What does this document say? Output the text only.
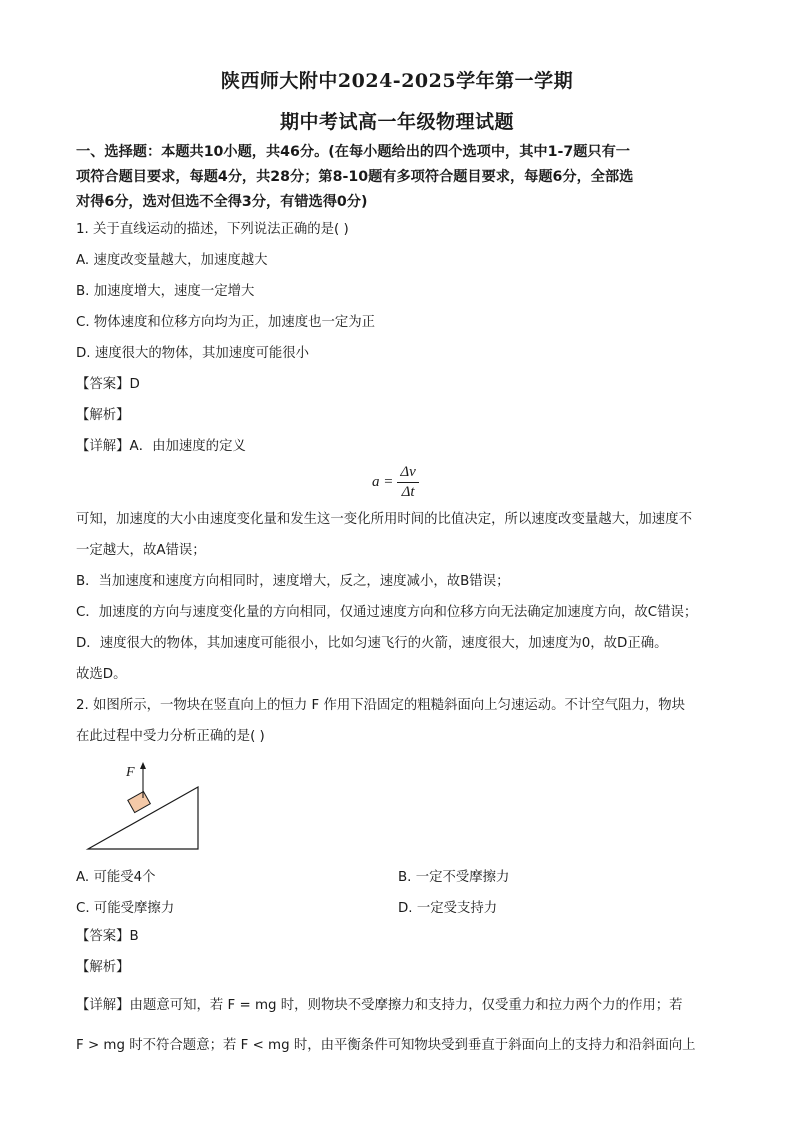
陕西师大附中2024-2025学年第一学期
期中考试高一年级物理试题
一、选择题：本题共10小题，共46分。(在每小题给出的四个选项中，其中1-7题只有一
项符合题目要求，每题4分，共28分；第8-10题有多项符合题目要求，每题6分，全部选
对得6分，选对但选不全得3分，有错选得0分)
1. 关于直线运动的描述，下列说法正确的是( )
A. 速度改变量越大，加速度越大
B. 加速度增大，速度一定增大
C. 物体速度和位移方向均为正，加速度也一定为正
D. 速度很大的物体，其加速度可能很小
【答案】D
【解析】
【详解】A．由加速度的定义
$a = \frac{\Delta v}{\Delta t}$
可知，加速度的大小由速度变化量和发生这一变化所用时间的比值决定，所以速度改变量越大，加速度不
一定越大，故A错误；
B．当加速度和速度方向相同时，速度增大，反之，速度减小，故B错误；
C．加速度的方向与速度变化量的方向相同，仅通过速度方向和位移方向无法确定加速度方向，故C错误；
D．速度很大的物体，其加速度可能很小，比如匀速飞行的火箭，速度很大，加速度为0，故D正确。
故选D。
2. 如图所示，一物块在竖直向上的恒力 F 作用下沿固定的粗糙斜面向上匀速运动。不计空气阻力，物块
在此过程中受力分析正确的是( )
F
A. 可能受4个	B. 一定不受摩擦力
C. 可能受摩擦力	D. 一定受支持力
【答案】B
【解析】
【详解】由题意可知，若 F = mg 时，则物块不受摩擦力和支持力，仅受重力和拉力两个力的作用；若
F > mg 时不符合题意；若 F < mg 时，由平衡条件可知物块受到垂直于斜面向上的支持力和沿斜面向上
